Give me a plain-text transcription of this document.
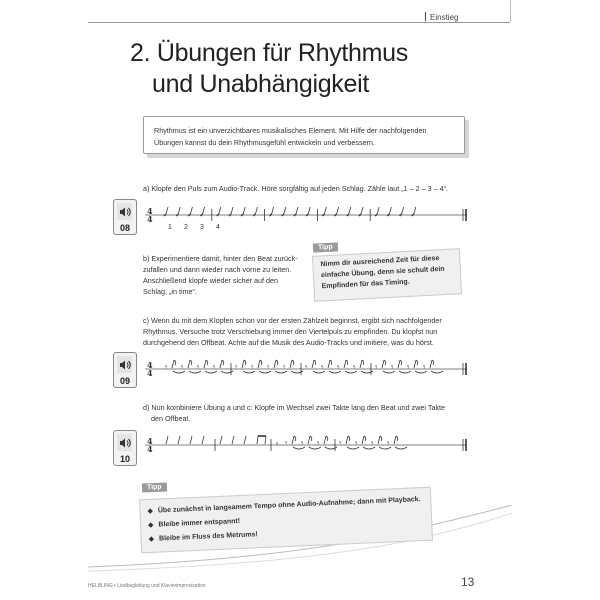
Einstieg
2. Übungen für Rhythmus
und Unabhängigkeit
Rhythmus ist ein unverzichtbares musikalisches Element. Mit Hilfe der nachfolgenden
Übungen kannst du dein Rhythmusgefühl entwickeln und verbessern.
a) Klopfe den Puls zum Audio-Track. Höre sorgfältig auf jeden Schlag. Zähle laut „1 – 2 – 3 – 4“.
08
4
4
1 2 3 4
b) Experimentiere damit, hinter den Beat zurück-
zufallen und dann wieder nach vorne zu leiten.
Anschließend klopfe wieder sicher auf den
Schlag, „in time“.
Tipp
Nimm dir ausreichend Zeit für diese
einfache Übung, denn sie schult dein
Empfinden für das Timing.
c) Wenn du mit dem Klopfen schon vor der ersten Zählzeit beginnst, ergibt sich nachfolgender
Rhythmus. Versuche trotz Verschiebung immer den Viertelpuls zu empfinden. Du klopfst nun
durchgehend den Offbeat. Achte auf die Musik des Audio-Tracks und imitiere, was du hörst.
09
4
4 𝄾 𝄾 𝄾 𝄾 𝄾 𝄾 𝄾 𝄾 𝄾 𝄾 𝄾 𝄾 𝄾 𝄾 𝄾 𝄾
d) Nun kombiniere Übung a und c: Klopfe im Wechsel zwei Takte lang den Beat und zwei Takte
den Offbeat.
10
4
4	𝄾 𝄾 𝄾 𝄾 𝄾 𝄾 𝄾 𝄾
Tipp
◆ Übe zunächst in langsamem Tempo ohne Audio-Aufnahme; dann mit Playback.
◆ Bleibe immer entspannt!
◆ Bleibe im Fluss des Metrums!
HELBLING • Liedbegleitung und Klavierimprovisation	13
